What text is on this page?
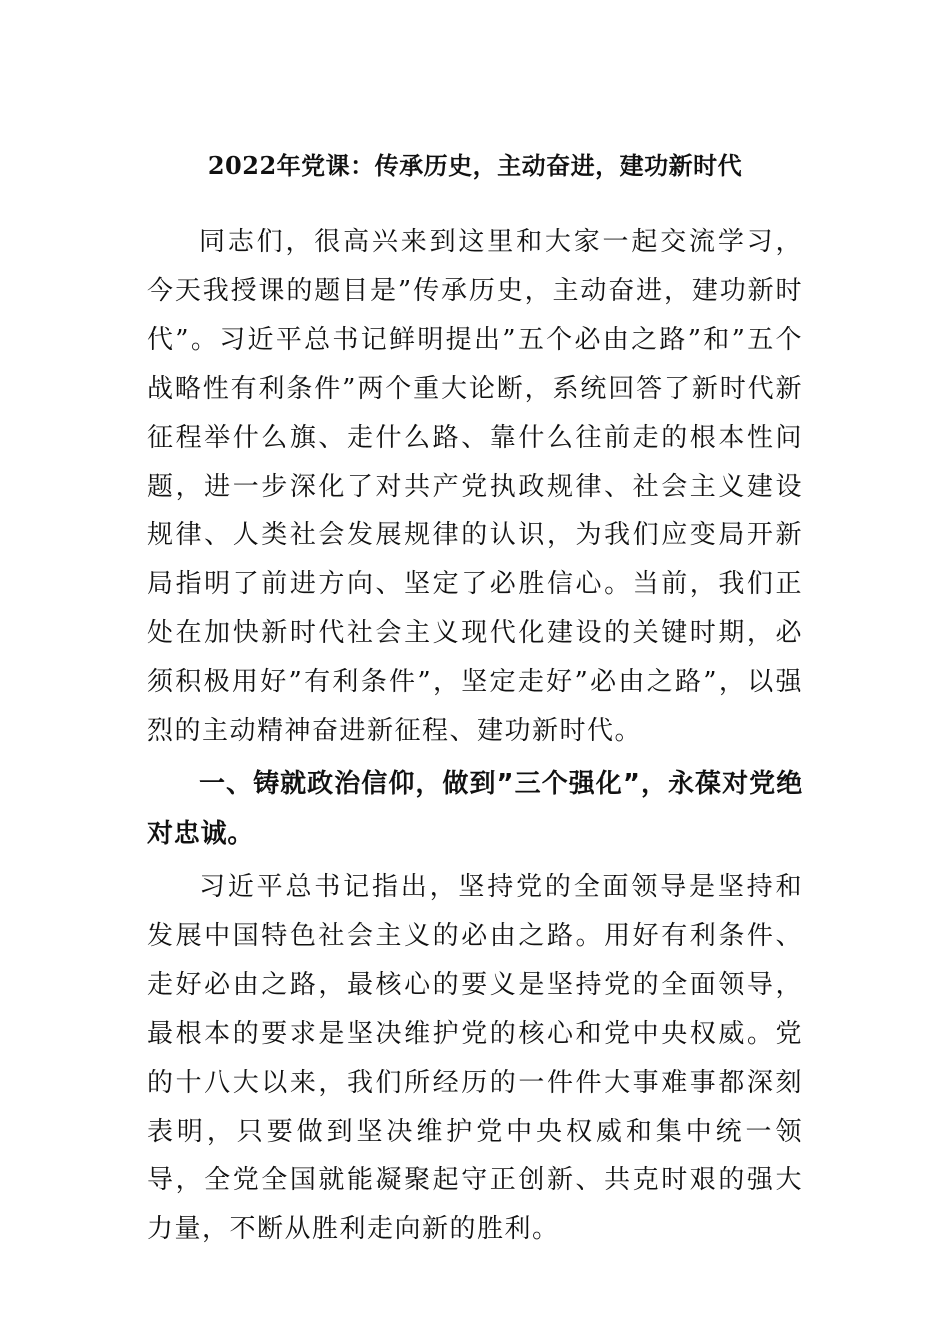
2022年党课：传承历史，主动奋进，建功新时代

同志们，很高兴来到这里和大家一起交流学习，今天我授课的题目是”传承历史，主动奋进，建功新时代”。习近平总书记鲜明提出”五个必由之路”和”五个战略性有利条件”两个重大论断，系统回答了新时代新征程举什么旗、走什么路、靠什么往前走的根本性问题，进一步深化了对共产党执政规律、社会主义建设规律、人类社会发展规律的认识，为我们应变局开新局指明了前进方向、坚定了必胜信心。当前，我们正处在加快新时代社会主义现代化建设的关键时期，必须积极用好”有利条件”，坚定走好”必由之路”，以强烈的主动精神奋进新征程、建功新时代。

一、铸就政治信仰，做到”三个强化”，永葆对党绝对忠诚。

习近平总书记指出，坚持党的全面领导是坚持和发展中国特色社会主义的必由之路。用好有利条件、走好必由之路，最核心的要义是坚持党的全面领导，最根本的要求是坚决维护党的核心和党中央权威。党的十八大以来，我们所经历的一件件大事难事都深刻表明，只要做到坚决维护党中央权威和集中统一领导，全党全国就能凝聚起守正创新、共克时艰的强大力量，不断从胜利走向新的胜利。
